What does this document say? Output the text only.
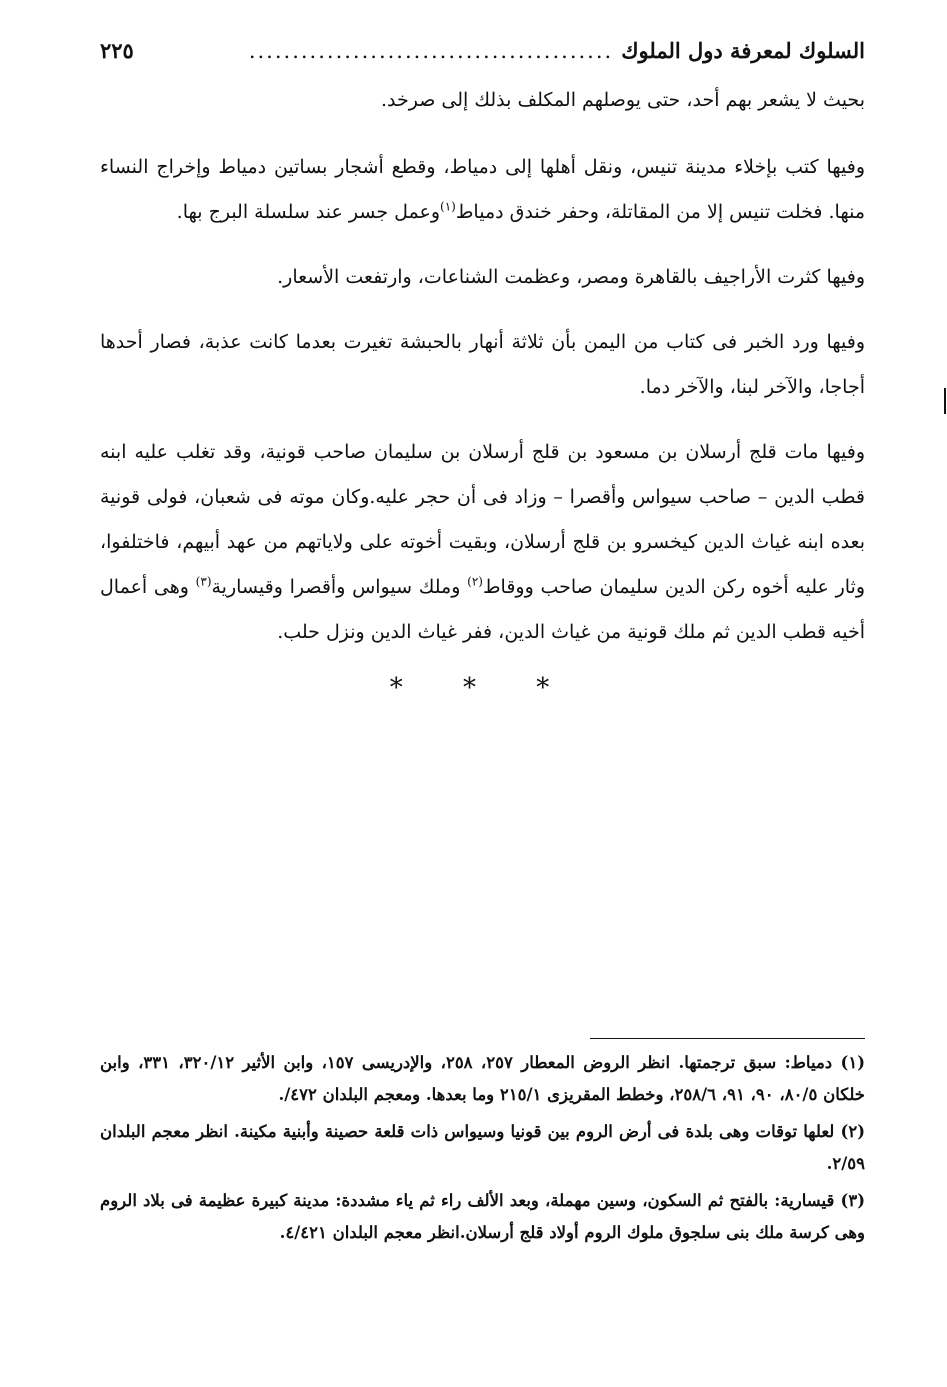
السلوك لمعرفة دول الملوك
..........................................
٢٢٥

بحيث لا يشعر بهم أحد، حتى يوصلهم المكلف بذلك إلى صرخد.

وفيها كتب بإخلاء مدينة تنيس، ونقل أهلها إلى دمياط، وقطع أشجار بساتين دمياط وإخراج النساء منها. فخلت تنيس إلا من المقاتلة، وحفر خندق دمياط$^{(١)}$وعمل جسر عند سلسلة البرج بها.

وفيها كثرت الأراجيف بالقاهرة ومصر، وعظمت الشناعات، وارتفعت الأسعار.

وفيها ورد الخبر فى كتاب من اليمن بأن ثلاثة أنهار بالحبشة تغيرت بعدما كانت عذبة، فصار أحدها أجاجا، والآخر لبنا، والآخر دما.

وفيها مات قلج أرسلان بن مسعود بن قلج أرسلان بن سليمان صاحب قونية، وقد تغلب عليه ابنه قطب الدين – صاحب سيواس وأقصرا – وزاد فى أن حجر عليه.وكان موته فى شعبان، فولى قونية بعده ابنه غياث الدين كيخسرو بن قلج أرسلان، وبقيت أخوته على ولاياتهم من عهد أبيهم، فاختلفوا، وثار عليه أخوه ركن الدين سليمان صاحب ووقاط$^{(٢)}$ وملك سيواس وأقصرا وقيسارية$^{(٣)}$ وهى أعمال أخيه قطب الدين ثم ملك قونية من غياث الدين، ففر غياث الدين ونزل حلب.

* * *

(١) دمياط: سبق ترجمتها. انظر الروض المعطار ٢٥٧، ٢٥٨، والإدريسى ١٥٧، وابن الأثير ٣٢٠/١٢، ٣٣١، وابن خلكان ٨٠/٥، ٩٠، ٩١، ٢٥٨/٦، وخطط المقريزى ٢١٥/١ وما بعدها. ومعجم البلدان ٤٧٢/.

(٢) لعلها توقات وهى بلدة فى أرض الروم بين قونيا وسيواس ذات قلعة حصينة وأبنية مكينة. انظر معجم البلدان ٢/٥٩.

(٣) قيسارية: بالفتح ثم السكون، وسين مهملة، وبعد الألف راء ثم ياء مشددة: مدينة كبيرة عظيمة فى بلاد الروم وهى كرسة ملك بنى سلجوق ملوك الروم أولاد قلج أرسلان.انظر معجم البلدان ٤/٤٢١.
